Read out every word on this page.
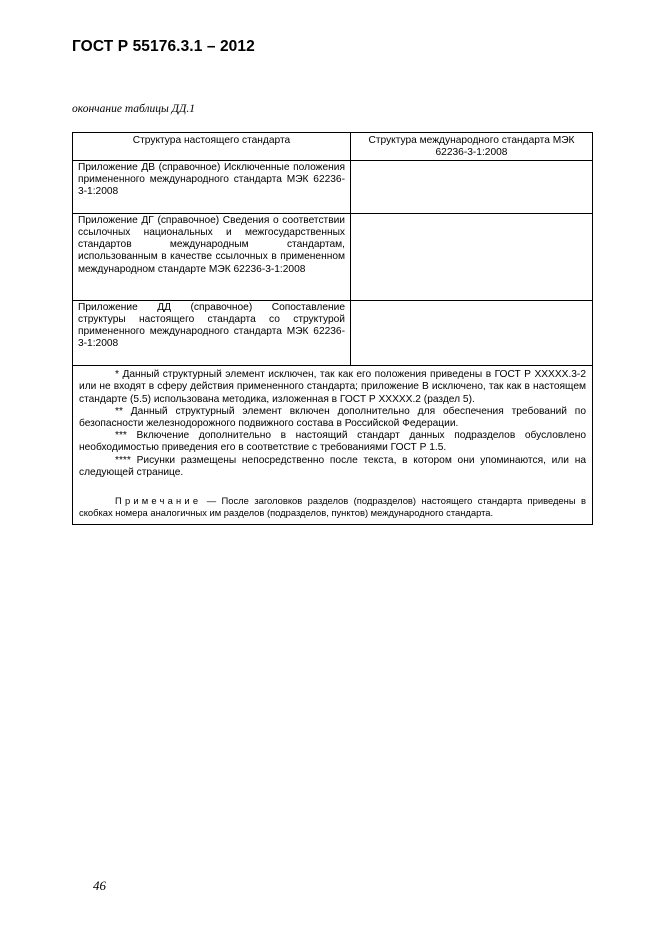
ГОСТ Р 55176.3.1 – 2012
окончание таблицы ДД.1
Структура настоящего стандарта	Структура международного стандарта МЭК 62236-3-1:2008
Приложение ДВ (справочное) Исключенные положения примененного международного стандарта МЭК 62236-3-1:2008	
Приложение ДГ (справочное) Сведения о соответствии ссылочных национальных и межгосударственных стандартов международным стандартам, использованным в качестве ссылочных в примененном международном стандарте МЭК 62236-3-1:2008	
Приложение ДД (справочное) Сопоставление структуры настоящего стандарта со структурой примененного международного стандарта МЭК 62236-3-1:2008	

* Данный структурный элемент исключен, так как его положения приведены в ГОСТ Р ХХХХХ.3-2 или не входят в сферу действия примененного стандарта; приложение В исключено, так как в настоящем стандарте (5.5) использована методика, изложенная в ГОСТ Р ХХХХХ.2 (раздел 5).

** Данный структурный элемент включен дополнительно для обеспечения требований по безопасности железнодорожного подвижного состава в Российской Федерации.

*** Включение дополнительно в настоящий стандарт данных подразделов обусловлено необходимостью приведения его в соответствие с требованиями ГОСТ Р 1.5.

**** Рисунки размещены непосредственно после текста, в котором они упоминаются, или на следующей странице.

Примечание — После заголовков разделов (подразделов) настоящего стандарта приведены в скобках номера аналогичных им разделов (подразделов, пунктов) международного стандарта.	

46
